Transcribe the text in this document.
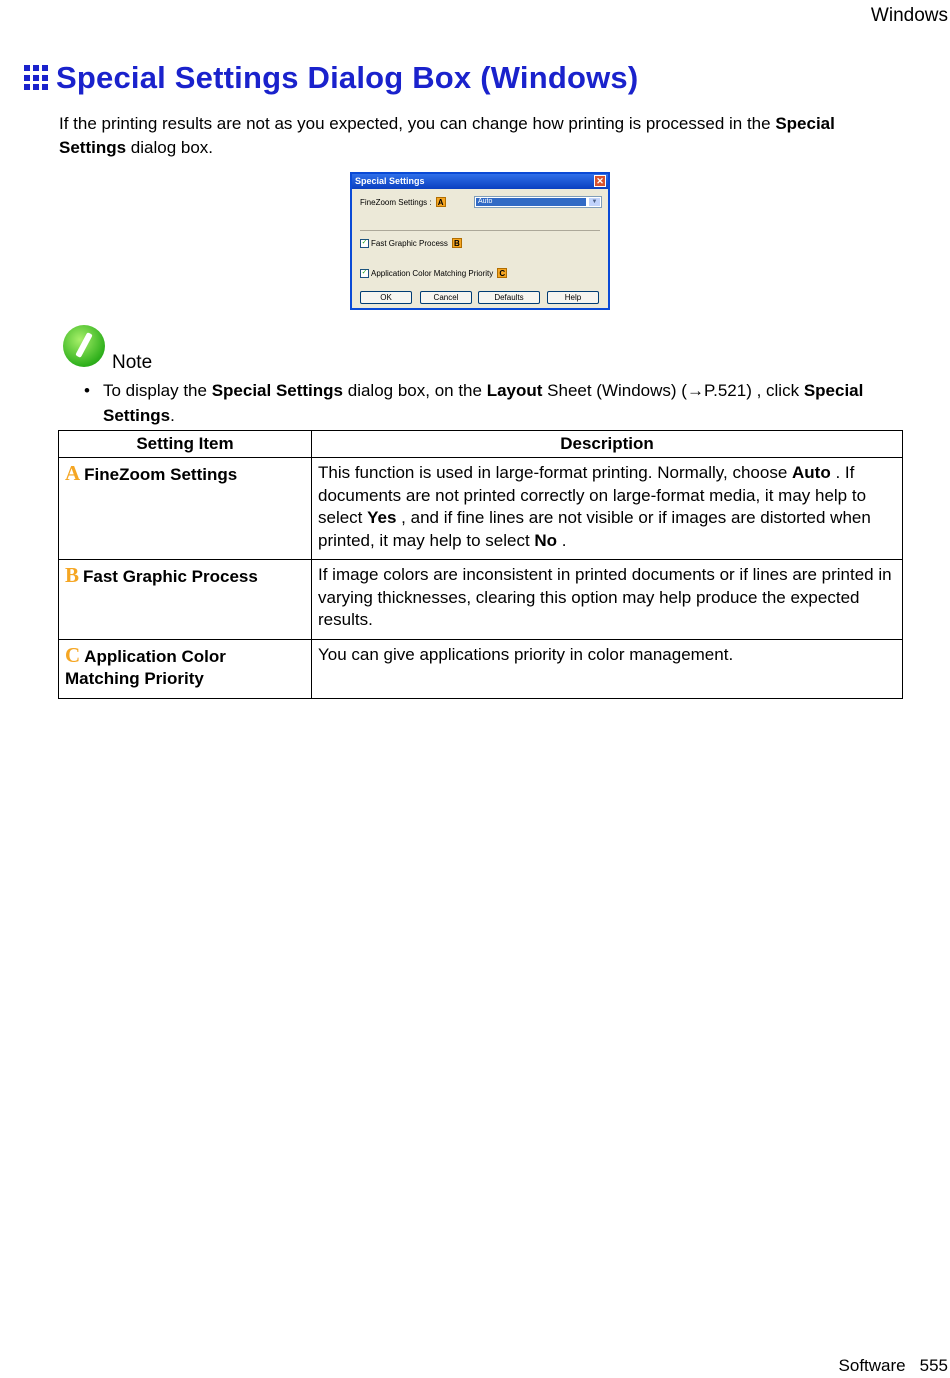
Windows
Special Settings Dialog Box (Windows)
If the printing results are not as you expected, you can change how printing is processed in the Special Settings dialog box.
Special Settings	✕
FineZoom Settings : A	Auto	▼
✓ Fast Graphic Process B
✓ Application Color Matching Priority C
OK	Cancel	Defaults	Help
Note
• To display the Special Settings dialog box, on the Layout Sheet (Windows) (→P.521) , click Special Settings.
Setting Item	Description
A FineZoom Settings	This function is used in large-format printing. Normally, choose Auto . If documents are not printed correctly on large-format media, it may help to select Yes , and if fine lines are not visible or if images are distorted when printed, it may help to select No .
B Fast Graphic Process	If image colors are inconsistent in printed documents or if lines are printed in varying thicknesses, clearing this option may help produce the expected results.
C Application Color Matching Priority	You can give applications priority in color management.
Software 555
